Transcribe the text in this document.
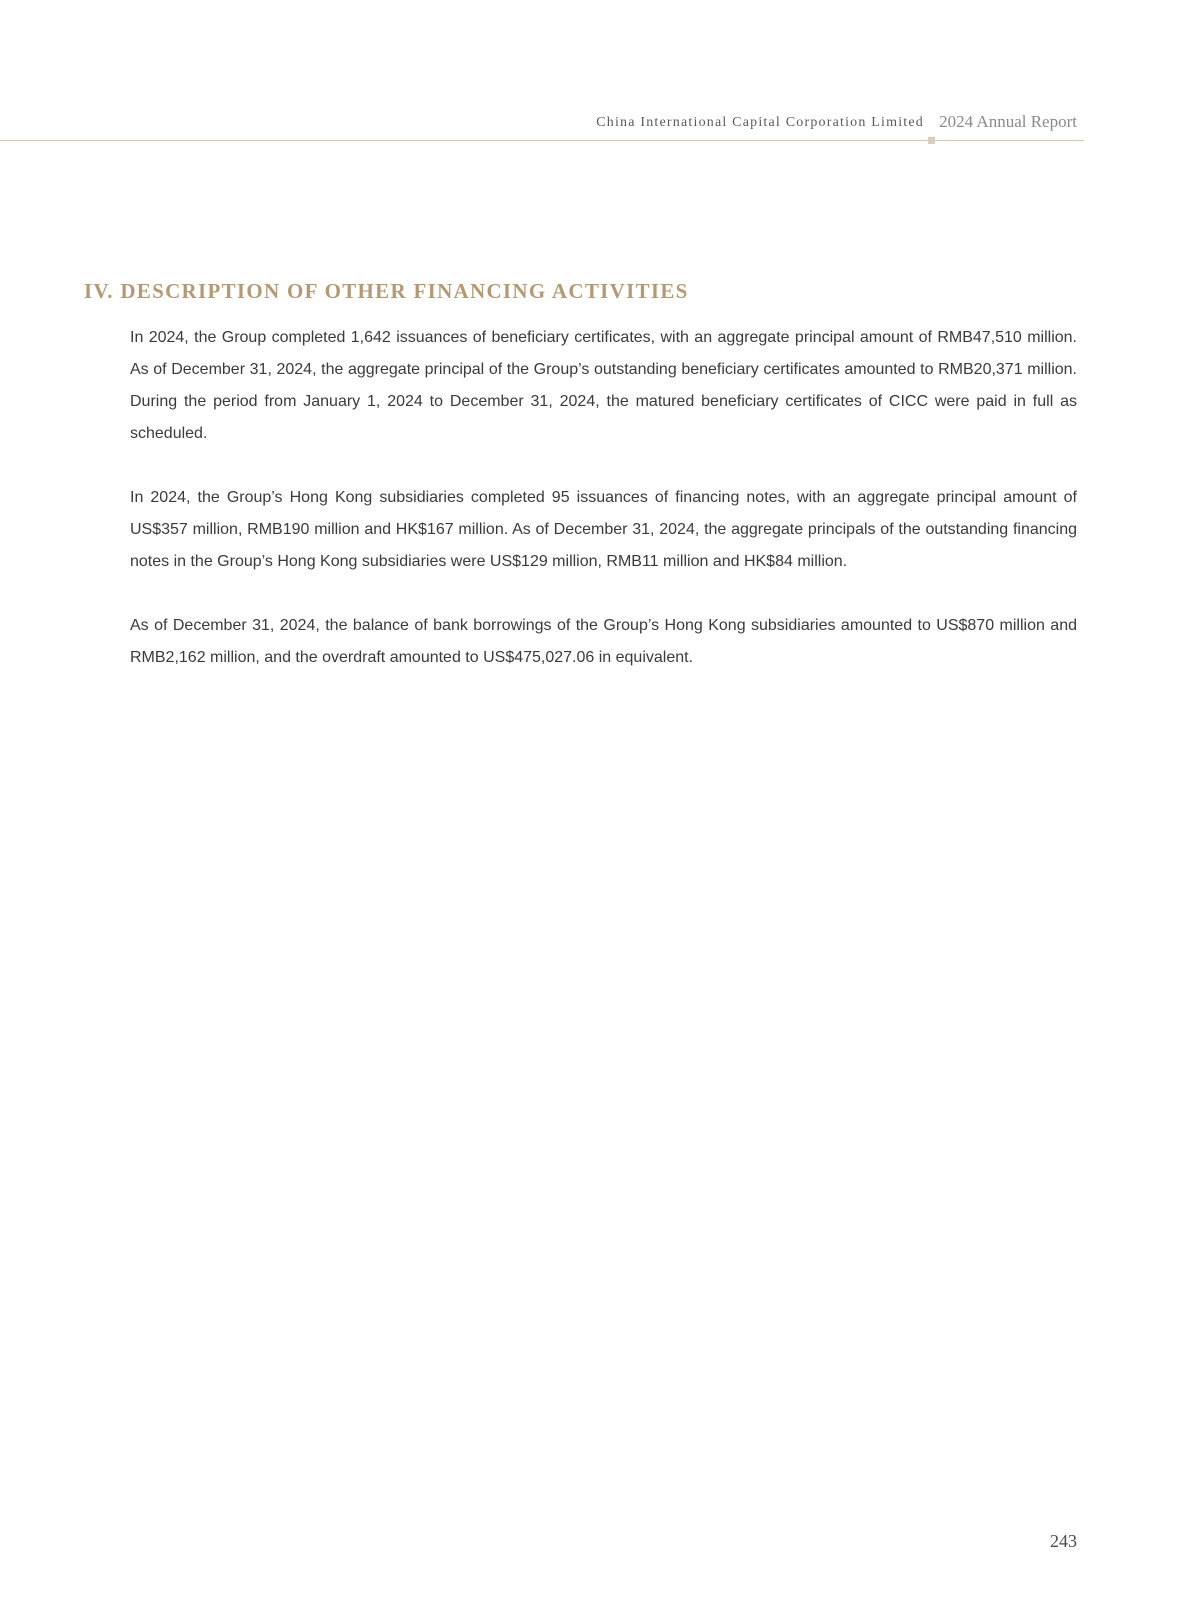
China International Capital Corporation Limited 2024 Annual Report
IV. DESCRIPTION OF OTHER FINANCING ACTIVITIES

In 2024, the Group completed 1,642 issuances of beneficiary certificates, with an aggregate principal amount of RMB47,510 million. As of December 31, 2024, the aggregate principal of the Group’s outstanding beneficiary certificates amounted to RMB20,371 million. During the period from January 1, 2024 to December 31, 2024, the matured beneficiary certificates of CICC were paid in full as scheduled.

In 2024, the Group’s Hong Kong subsidiaries completed 95 issuances of financing notes, with an aggregate principal amount of US$357 million, RMB190 million and HK$167 million. As of December 31, 2024, the aggregate principals of the outstanding financing notes in the Group’s Hong Kong subsidiaries were US$129 million, RMB11 million and HK$84 million.

As of December 31, 2024, the balance of bank borrowings of the Group’s Hong Kong subsidiaries amounted to US$870 million and RMB2,162 million, and the overdraft amounted to US$475,027.06 in equivalent.

243
